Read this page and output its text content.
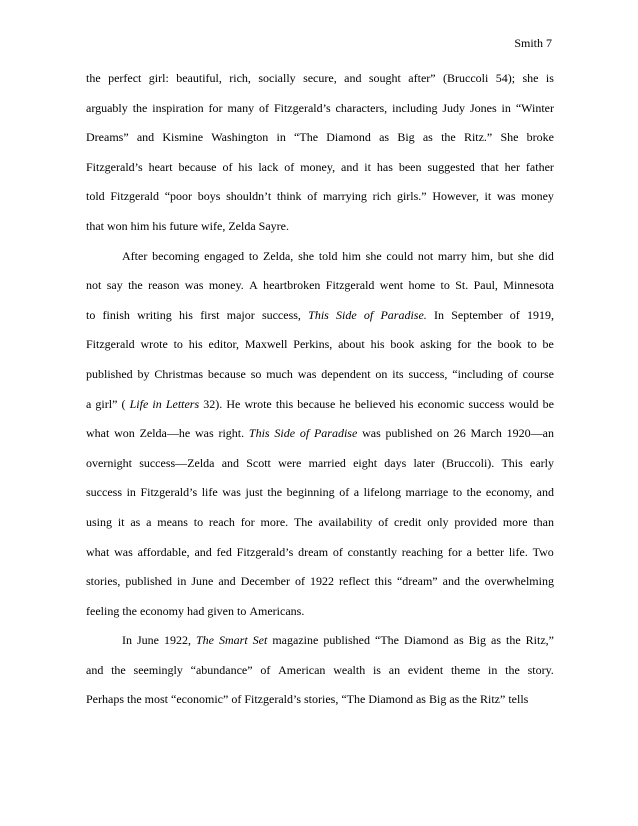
Smith 7
the perfect girl: beautiful, rich, socially secure, and sought after” (Bruccoli 54); she is
arguably the inspiration for many of Fitzgerald’s characters, including Judy Jones in “Winter
Dreams” and Kismine Washington in “The Diamond as Big as the Ritz.” She broke
Fitzgerald’s heart because of his lack of money, and it has been suggested that her father
told Fitzgerald “poor boys shouldn’t think of marrying rich girls.” However, it was money
that
won
him
his
future
wife,
Zelda
Sayre.

After becoming engaged to Zelda, she told him she could not marry him, but she did
not say the reason was money. A heartbroken Fitzgerald went home to St. Paul, Minnesota
to finish writing his first major success, This Side of Paradise. In September of 1919,
Fitzgerald wrote to his editor, Maxwell Perkins, about his book asking for the book to be
published by Christmas because so much was dependent on its success, “including of course
a girl” ( Life in Letters 32). He wrote this because he believed his economic success would be
what won Zelda—he was right. This Side of Paradise was published on 26 March 1920—an
overnight success—Zelda and Scott were married eight days later (Bruccoli). This early
success in Fitzgerald’s life was just the beginning of a lifelong marriage to the economy, and
using it as a means to reach for more. The availability of credit only provided more than
what was affordable, and fed Fitzgerald’s dream of constantly reaching for a better life. Two
stories, published in June and December of 1922 reflect this “dream” and the overwhelming
feeling
the
economy
had
given
to
Americans.

In June 1922, The Smart Set magazine published “The Diamond as Big as the Ritz,”
and the seemingly “abundance” of American wealth is an evident theme in the story.
Perhaps
the
most
“economic”
of
Fitzgerald’s
stories,
“The
Diamond
as
Big
as
the
Ritz”
tells
